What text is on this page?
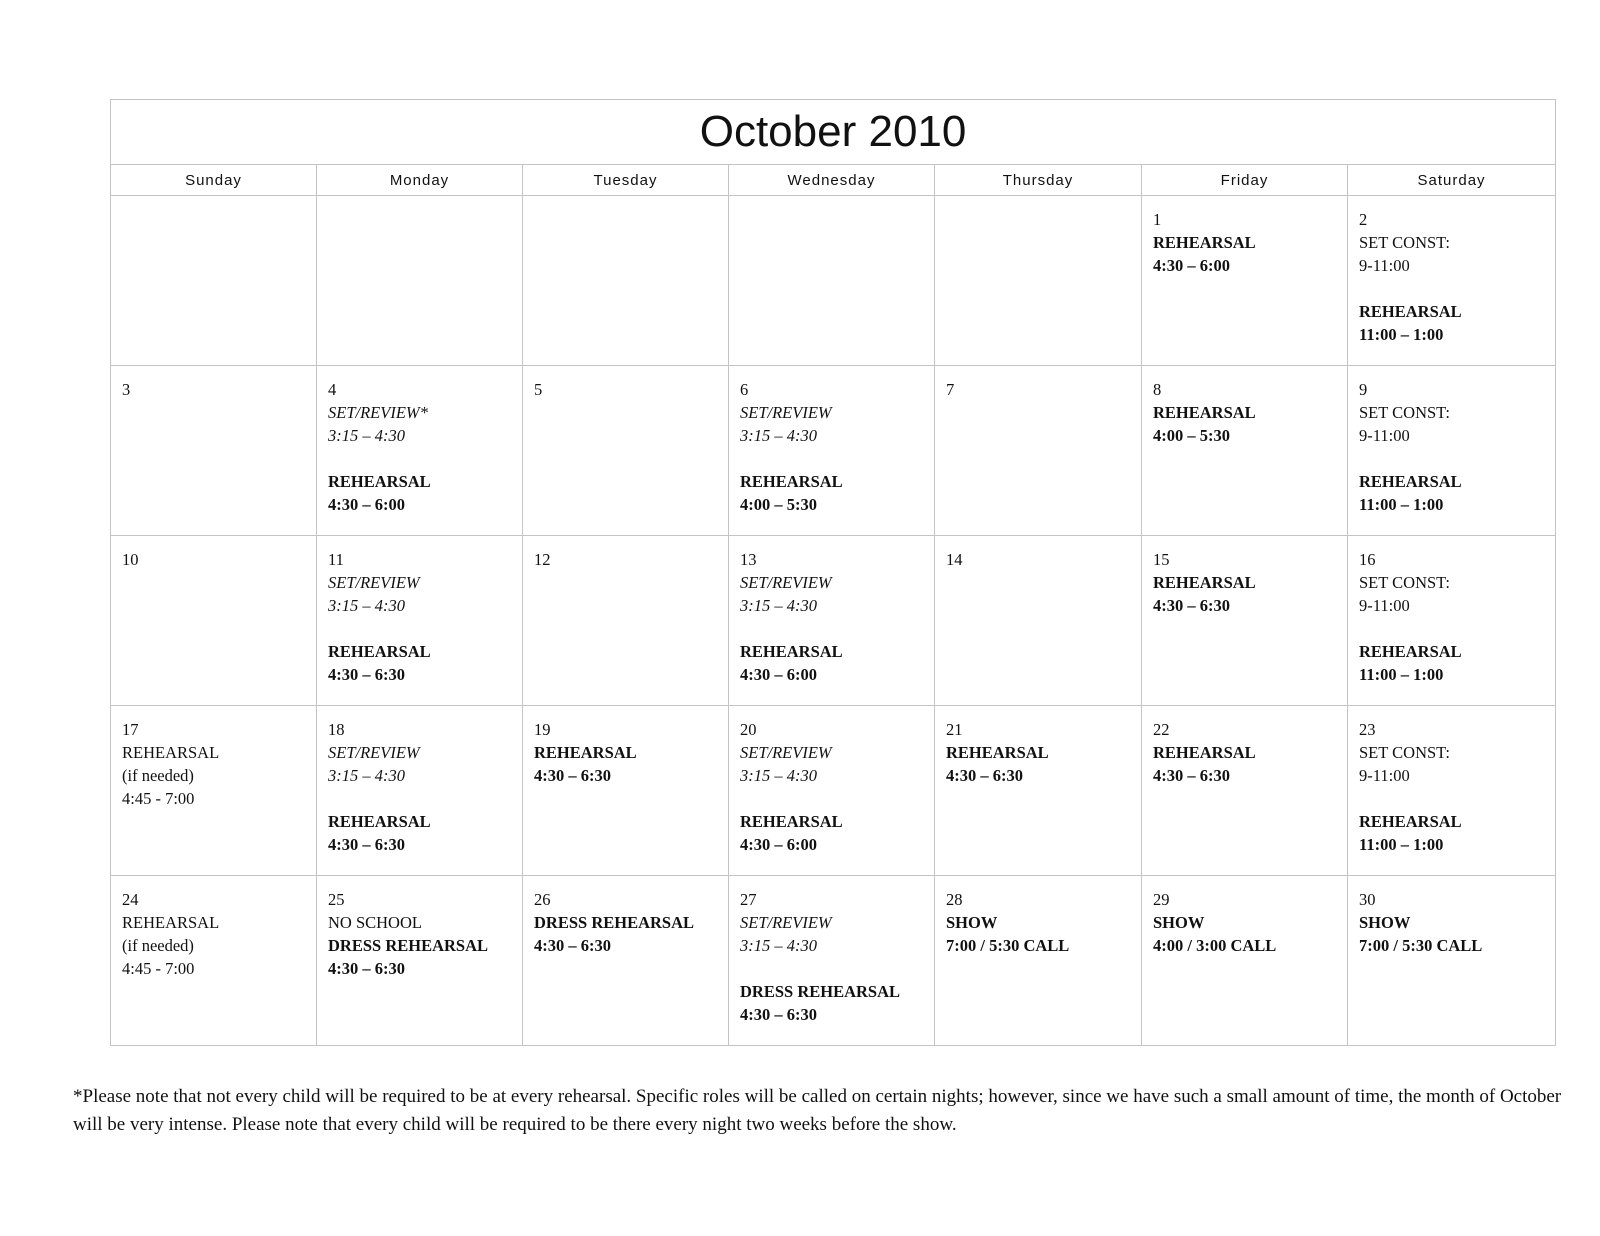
October 2010						
Sunday	Monday	Tuesday	Wednesday	Thursday	Friday	Saturday

					1
REHEARSAL
4:30 – 6:00	2
SET CONST:
9-11:00
REHEARSAL
11:00 – 1:00

3	4
SET/REVIEW*
3:15 – 4:30
REHEARSAL
4:30 – 6:00	5	6
SET/REVIEW
3:15 – 4:30
REHEARSAL
4:00 – 5:30	7	8
REHEARSAL
4:00 – 5:30	9
SET CONST:
9-11:00
REHEARSAL
11:00 – 1:00

10	11
SET/REVIEW
3:15 – 4:30
REHEARSAL
4:30 – 6:30	12	13
SET/REVIEW
3:15 – 4:30
REHEARSAL
4:30 – 6:00	14	15
REHEARSAL
4:30 – 6:30	16
SET CONST:
9-11:00
REHEARSAL
11:00 – 1:00

17
REHEARSAL
(if needed)
4:45 - 7:00	18
SET/REVIEW
3:15 – 4:30
REHEARSAL
4:30 – 6:30	19
REHEARSAL
4:30 – 6:30	20
SET/REVIEW
3:15 – 4:30
REHEARSAL
4:30 – 6:00	21
REHEARSAL
4:30 – 6:30	22
REHEARSAL
4:30 – 6:30	23
SET CONST:
9-11:00
REHEARSAL
11:00 – 1:00

24
REHEARSAL
(if needed)
4:45 - 7:00	25
NO SCHOOL
DRESS REHEARSAL
4:30 – 6:30	26
DRESS REHEARSAL
4:30 – 6:30	27
SET/REVIEW
3:15 – 4:30
DRESS REHEARSAL
4:30 – 6:30	28
SHOW
7:00 / 5:30 CALL	29
SHOW
4:00 / 3:00 CALL	30
SHOW
7:00 / 5:30 CALL
*Please note that not every child will be required to be at every rehearsal. Specific roles will be called on certain nights; however, since we have such a small amount of time, the month of October will be very intense. Please note that every child will be required to be there every night two weeks before the show.
